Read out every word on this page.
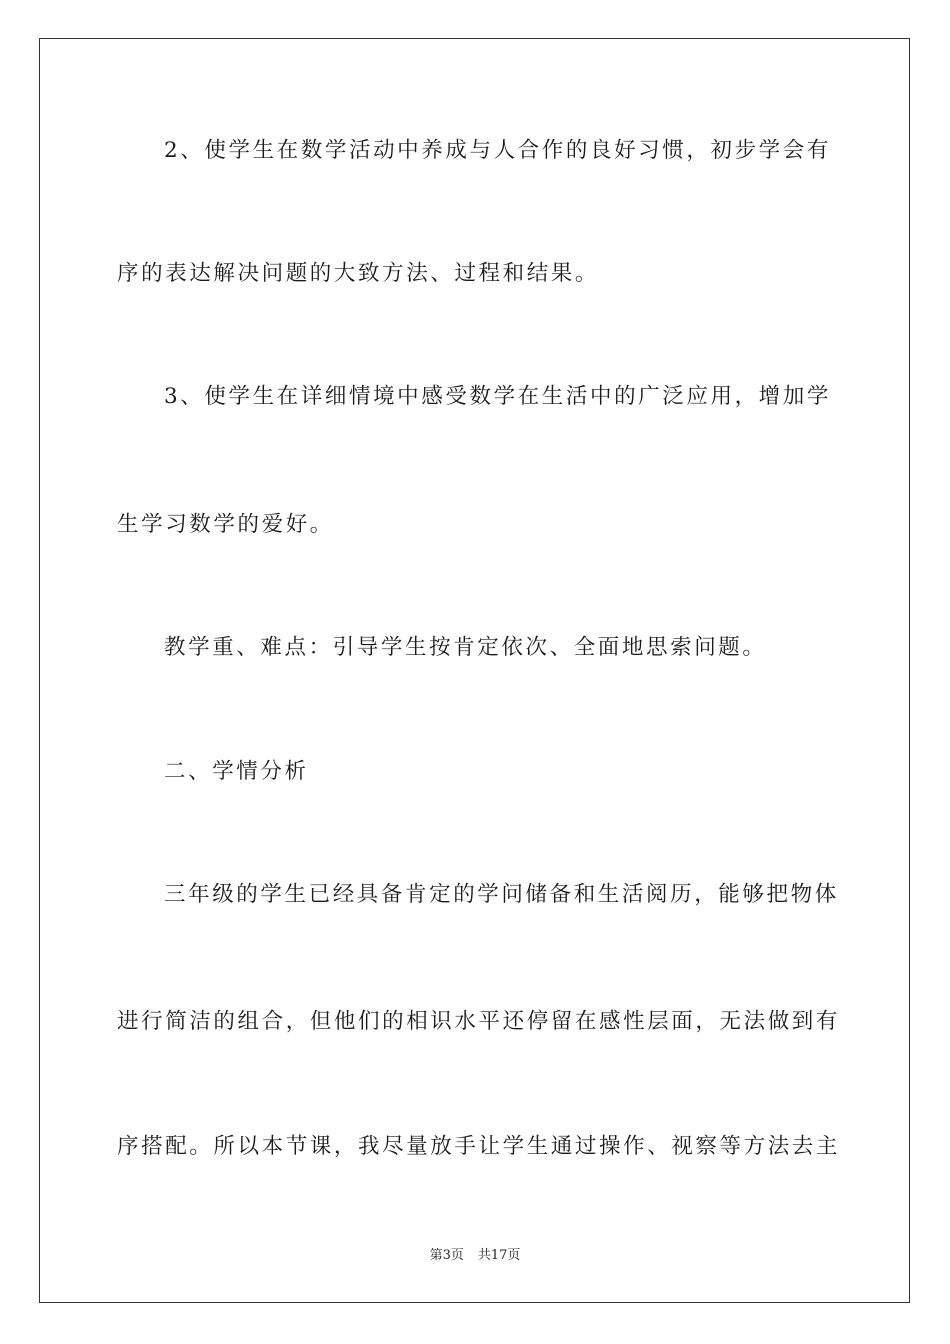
2、使学生在数学活动中养成与人合作的良好习惯，初步学会有
序的表达解决问题的大致方法、过程和结果。
3、使学生在详细情境中感受数学在生活中的广泛应用，增加学
生学习数学的爱好。
教学重、难点：引导学生按肯定依次、全面地思索问题。
二、学情分析
三年级的学生已经具备肯定的学问储备和生活阅历，能够把物体
进行简洁的组合，但他们的相识水平还停留在感性层面，无法做到有
序搭配。所以本节课，我尽量放手让学生通过操作、视察等方法去主
第3页 共17页
